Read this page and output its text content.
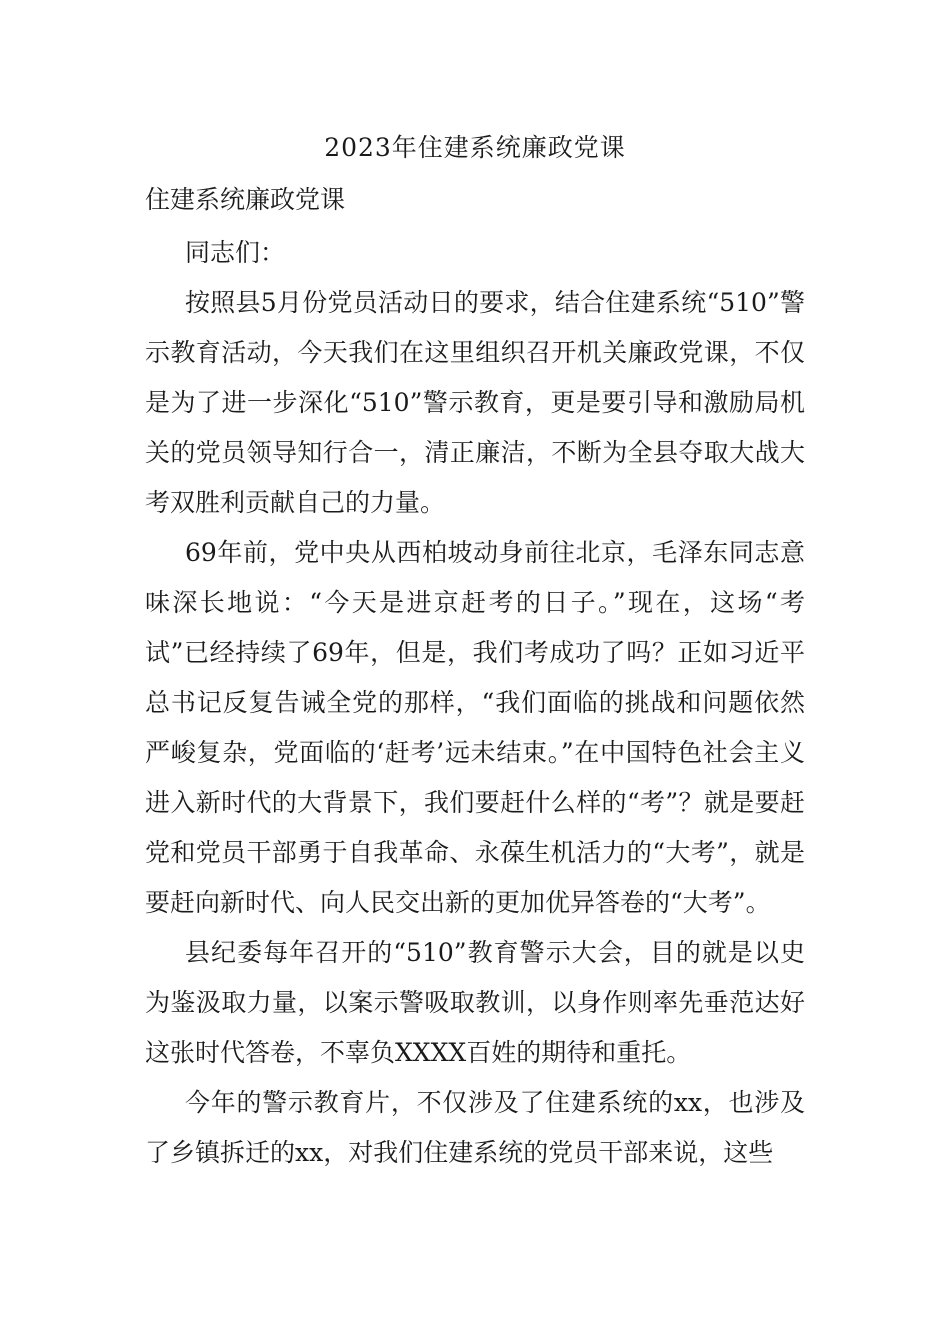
2023年住建系统廉政党课
住建系统廉政党课

同志们：

按照县5月份党员活动日的要求，结合住建系统“510”警示教育活动，今天我们在这里组织召开机关廉政党课，不仅是为了进一步深化“510”警示教育，更是要引导和激励局机关的党员领导知行合一，清正廉洁，不断为全县夺取大战大考双胜利贡献自己的力量。

69年前，党中央从西柏坡动身前往北京，毛泽东同志意味深长地说：“今天是进京赶考的日子。”现在，这场“考试”已经持续了69年，但是，我们考成功了吗？正如习近平总书记反复告诫全党的那样，“我们面临的挑战和问题依然严峻复杂，党面临的‘赶考’远未结束。”在中国特色社会主义进入新时代的大背景下，我们要赶什么样的“考”？就是要赶党和党员干部勇于自我革命、永葆生机活力的“大考”，就是要赶向新时代、向人民交出新的更加优异答卷的“大考”。

县纪委每年召开的“510”教育警示大会，目的就是以史为鉴汲取力量，以案示警吸取教训，以身作则率先垂范达好这张时代答卷，不辜负XXXX百姓的期待和重托。

今年的警示教育片，不仅涉及了住建系统的xx，也涉及了乡镇拆迁的xx，对我们住建系统的党员干部来说，这些
